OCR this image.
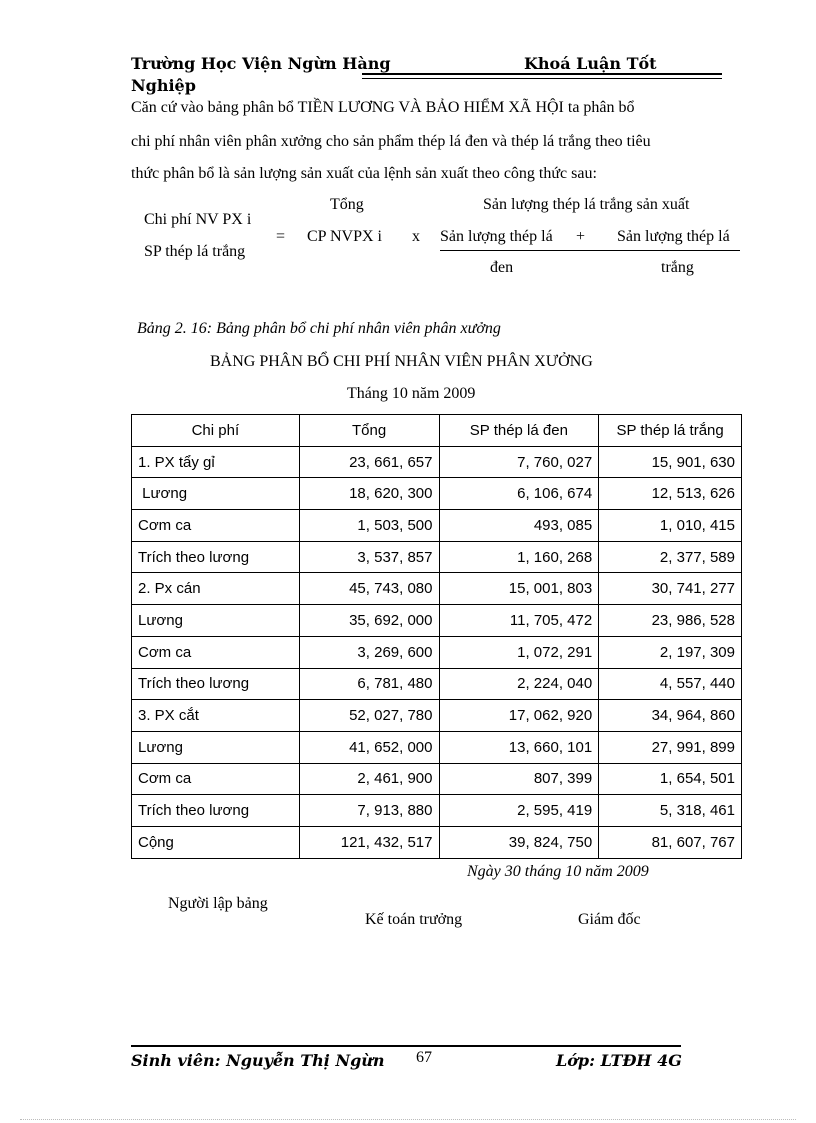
Trường Học Viện Ngừn Hàng	Khoá Luận Tốt
Nghiệp
Căn cứ vào bảng phân bổ TIỀN LƯƠNG VÀ BẢO HIỂM XÃ HỘI ta phân bổ
chi phí nhân viên phân xưởng cho sản phẩm thép lá đen và thép lá trắng theo tiêu
thức phân bổ là sản lượng sản xuất của lệnh sản xuất theo công thức sau:
Chi phí NV PX i
SP thép lá trắng
=
Tổng
CP NVPX i x
Sản lượng thép lá trắng sản xuất
Sản lượng thép lá + Sản lượng thép lá
đen	trắng
Bảng 2. 16: Bảng phân bổ chi phí nhân viên phân xưởng
BẢNG PHÂN BỔ CHI PHÍ NHÂN VIÊN PHÂN XƯỞNG
Tháng 10 năm 2009
Chi phí	Tổng	SP thép lá đen	SP thép lá trắng
1. PX tẩy gỉ	23, 661, 657	7, 760, 027	15, 901, 630
Lương	18, 620, 300	6, 106, 674	12, 513, 626
Cơm ca	1, 503, 500	493, 085	1, 010, 415
Trích theo lương	3, 537, 857	1, 160, 268	2, 377, 589
2. Px cán	45, 743, 080	15, 001, 803	30, 741, 277
Lương	35, 692, 000	11, 705, 472	23, 986, 528
Cơm ca	3, 269, 600	1, 072, 291	2, 197, 309
Trích theo lương	6, 781, 480	2, 224, 040	4, 557, 440
3. PX cắt	52, 027, 780	17, 062, 920	34, 964, 860
Lương	41, 652, 000	13, 660, 101	27, 991, 899
Cơm ca	2, 461, 900	807, 399	1, 654, 501
Trích theo lương	7, 913, 880	2, 595, 419	5, 318, 461
Cộng	121, 432, 517	39, 824, 750	81, 607, 767
Ngày 30 tháng 10 năm 2009
Người lập bảng
Kế toán trưởng	Giám đốc
Sinh viên: Nguyễn Thị Ngừn 67	Lớp: LTĐH 4G
